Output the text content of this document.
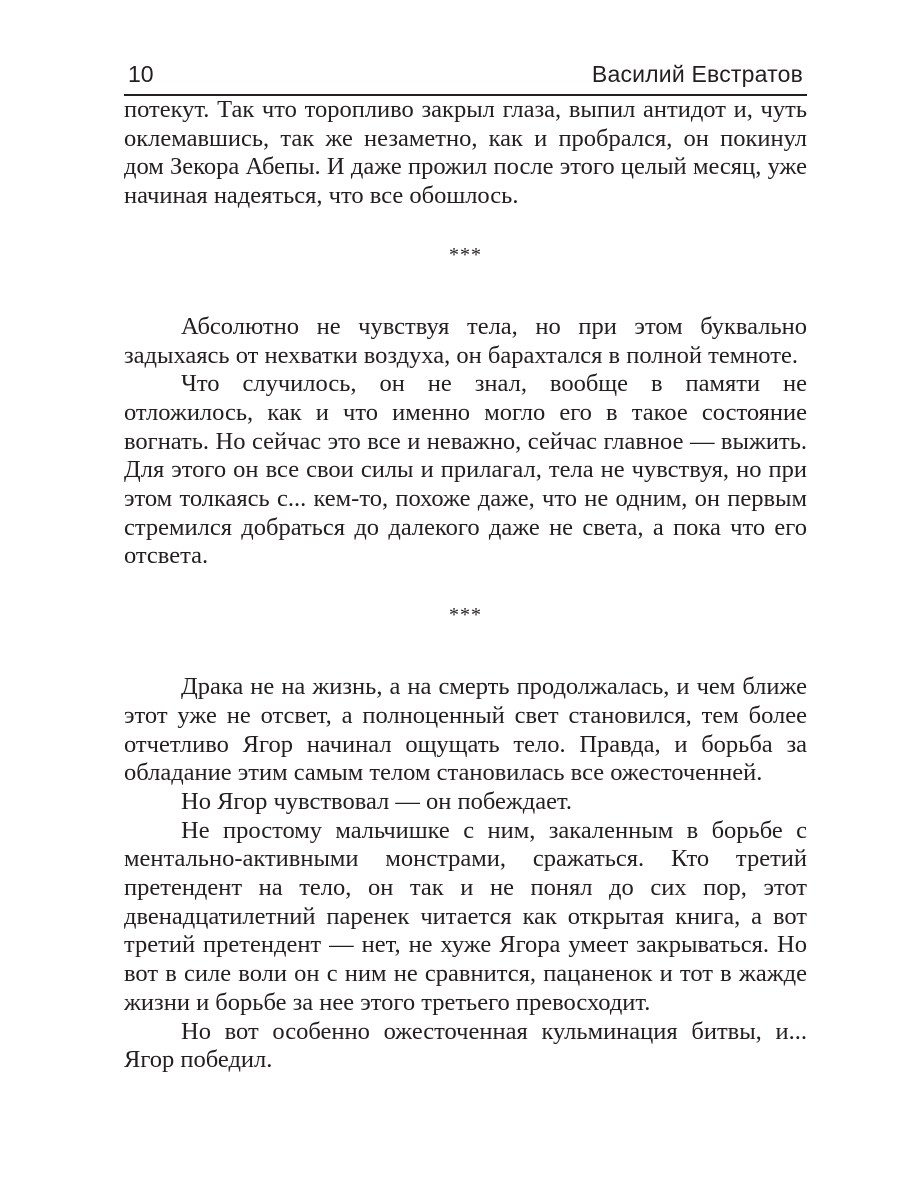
10	Василий Евстратов

потекут. Так что торопливо закрыл глаза, выпил антидот и, чуть оклемавшись, так же незаметно, как и пробрался, он покинул дом Зекора Абепы. И даже прожил после этого целый месяц, уже начиная надеяться, что все обошлось.

***

Абсолютно не чувствуя тела, но при этом буквально задыхаясь от нехватки воздуха, он барахтался в полной темноте.

Что случилось, он не знал, вообще в памяти не отложилось, как и что именно могло его в такое состояние вогнать. Но сейчас это все и неважно, сейчас главное — выжить. Для этого он все свои силы и прилагал, тела не чувствуя, но при этом толкаясь с... кем-то, похоже даже, что не одним, он первым стремился добраться до далекого даже не света, а пока что его отсвета.

***

Драка не на жизнь, а на смерть продолжалась, и чем ближе этот уже не отсвет, а полноценный свет становился, тем более отчетливо Ягор начинал ощущать тело. Правда, и борьба за обладание этим самым телом становилась все ожесточенней.

Но Ягор чувствовал — он побеждает.

Не простому мальчишке с ним, закаленным в борьбе с ментально-активными монстрами, сражаться. Кто третий претендент на тело, он так и не понял до сих пор, этот двенадцатилетний паренек читается как открытая книга, а вот третий претендент — нет, не хуже Ягора умеет закрываться. Но вот в силе воли он с ним не сравнится, пацаненок и тот в жажде жизни и борьбе за нее этого третьего превосходит.

Но вот особенно ожесточенная кульминация битвы, и... Ягор победил.
